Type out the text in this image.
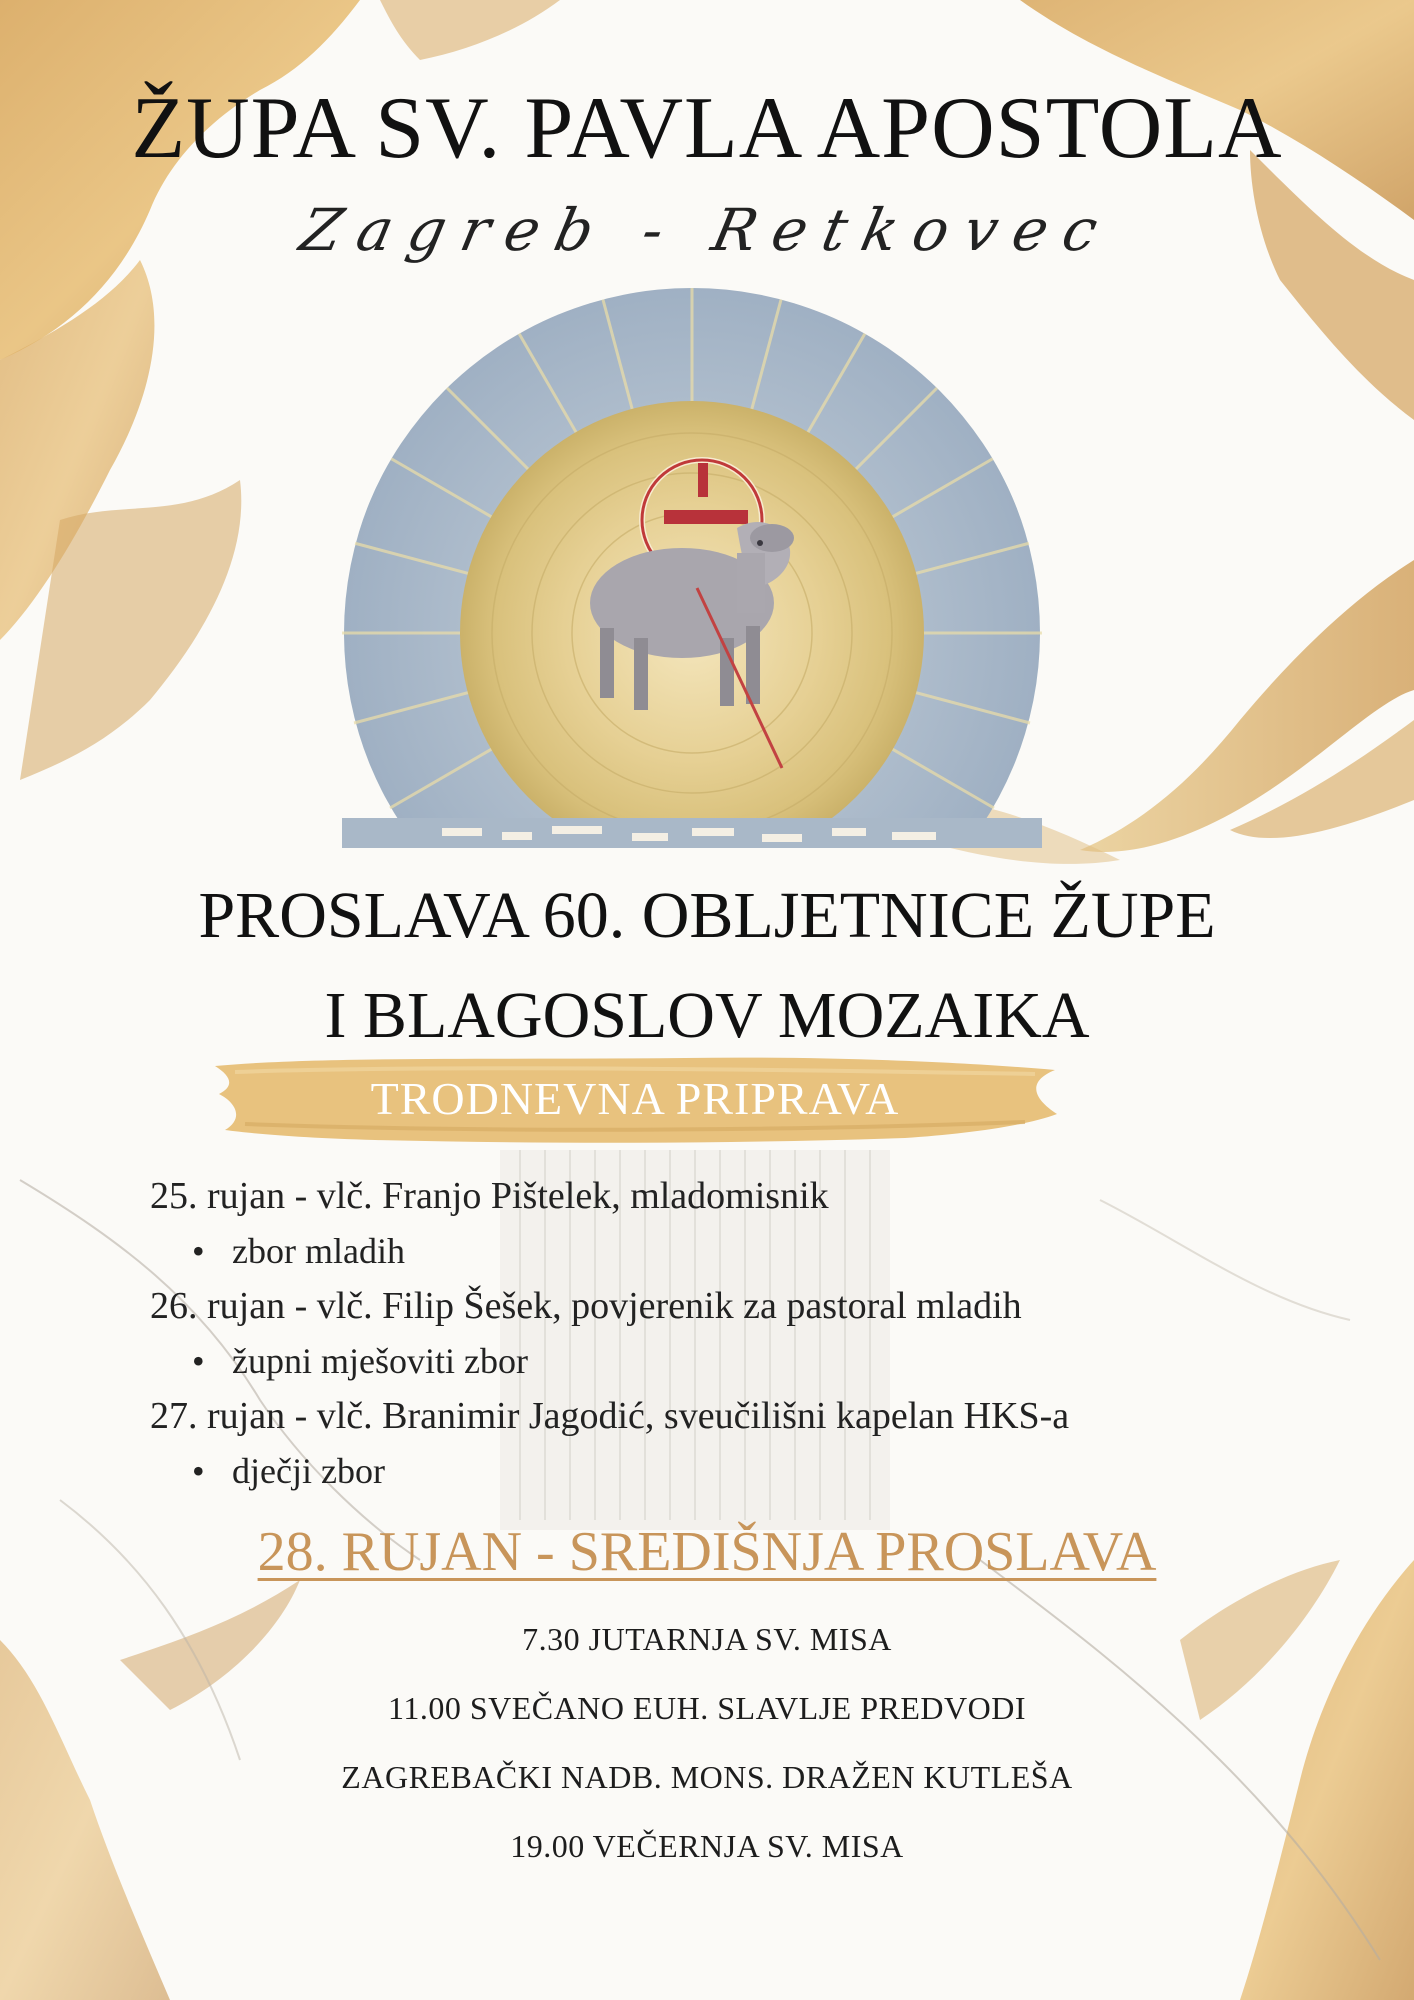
ŽUPA SV. PAVLA APOSTOLA
Zagreb - Retkovec
PROSLAVA 60. OBLJETNICE ŽUPE
I BLAGOSLOV MOZAIKA
TRODNEVNA PRIPRAVA
25. rujan - vlč. Franjo Pištelek, mladomisnik
• zbor mladih
26. rujan - vlč. Filip Šešek, povjerenik za pastoral mladih
• župni mješoviti zbor
27. rujan - vlč. Branimir Jagodić, sveučilišni kapelan HKS-a
• dječji zbor
28. RUJAN - SREDIŠNJA PROSLAVA
7.30 JUTARNJA SV. MISA
11.00 SVEČANO EUH. SLAVLJE PREDVODI
ZAGREBAČKI NADB. MONS. DRAŽEN KUTLEŠA
19.00 VEČERNJA SV. MISA
